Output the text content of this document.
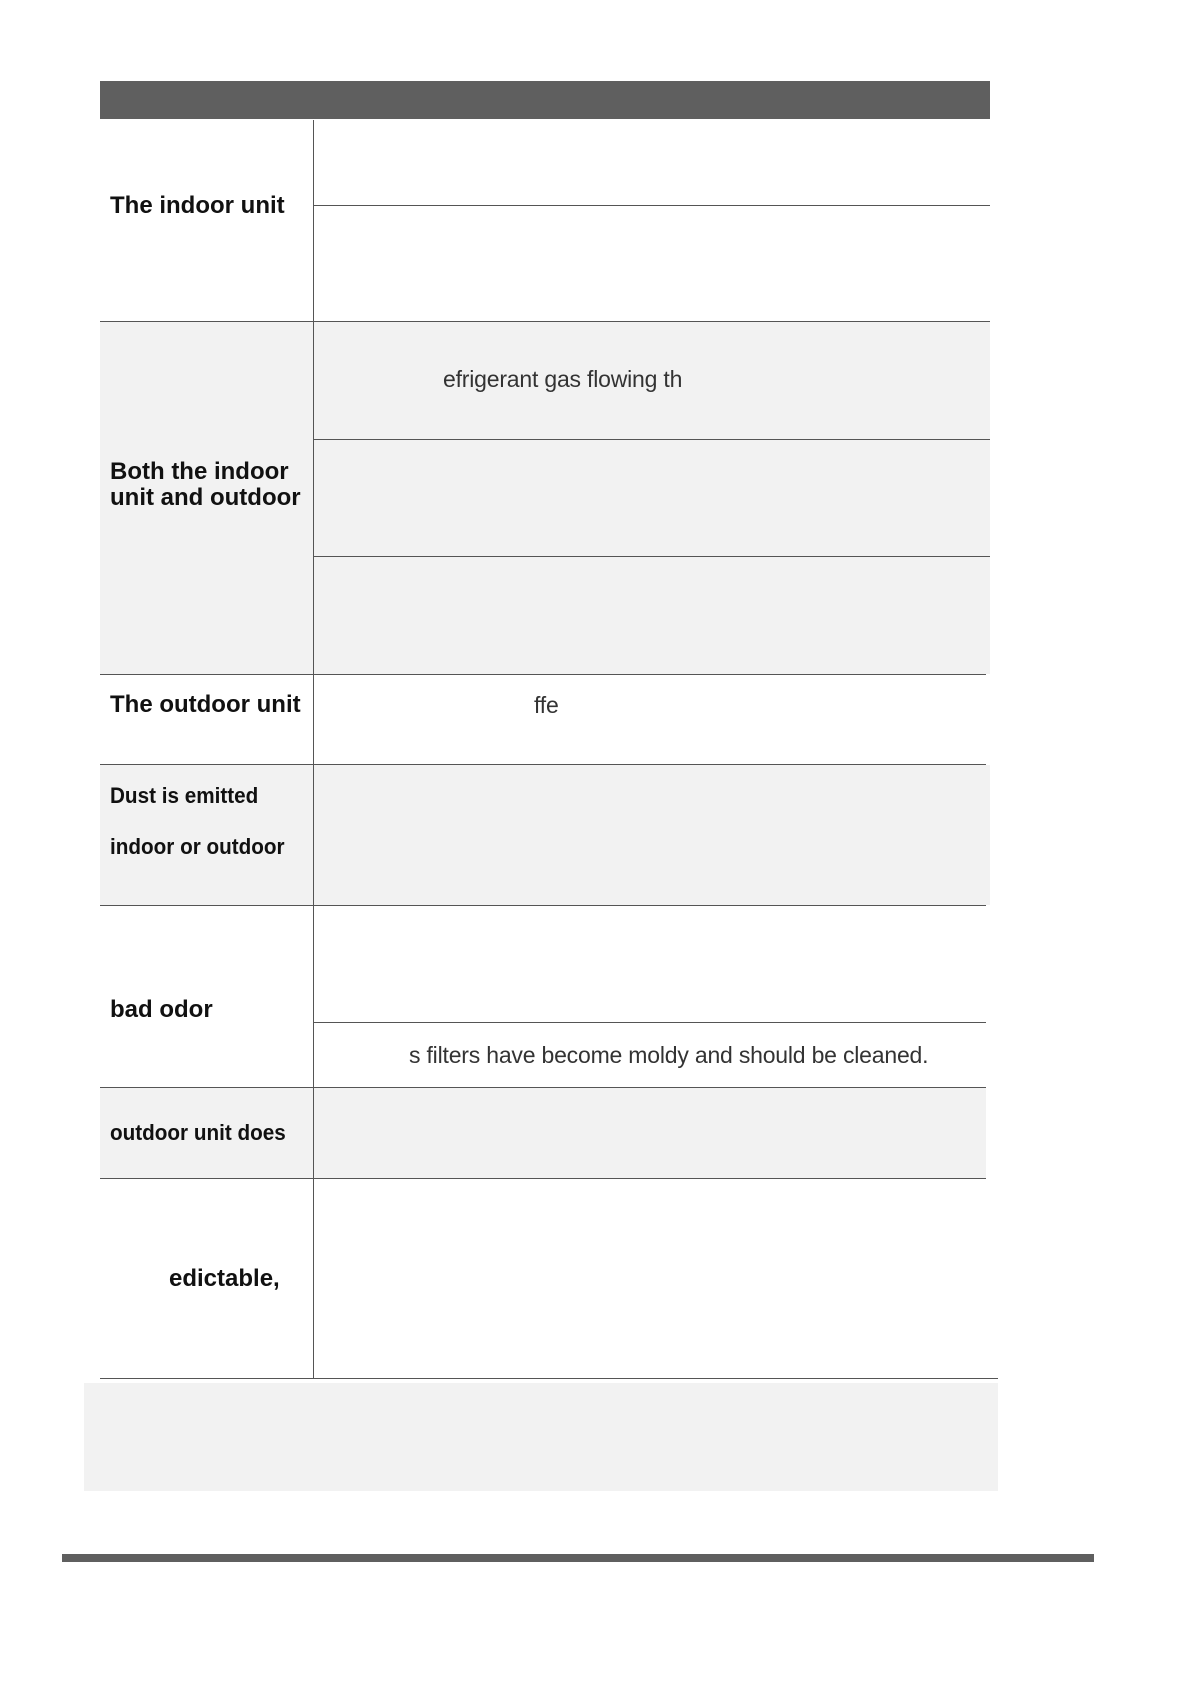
The indoor unit
Both the indoor
unit and outdoor
The outdoor unit
Dust is emitted
indoor or outdoor
bad odor
outdoor unit does
edictable,
efrigerant gas flowing th
ffe
s filters have become moldy and should be cleaned.
